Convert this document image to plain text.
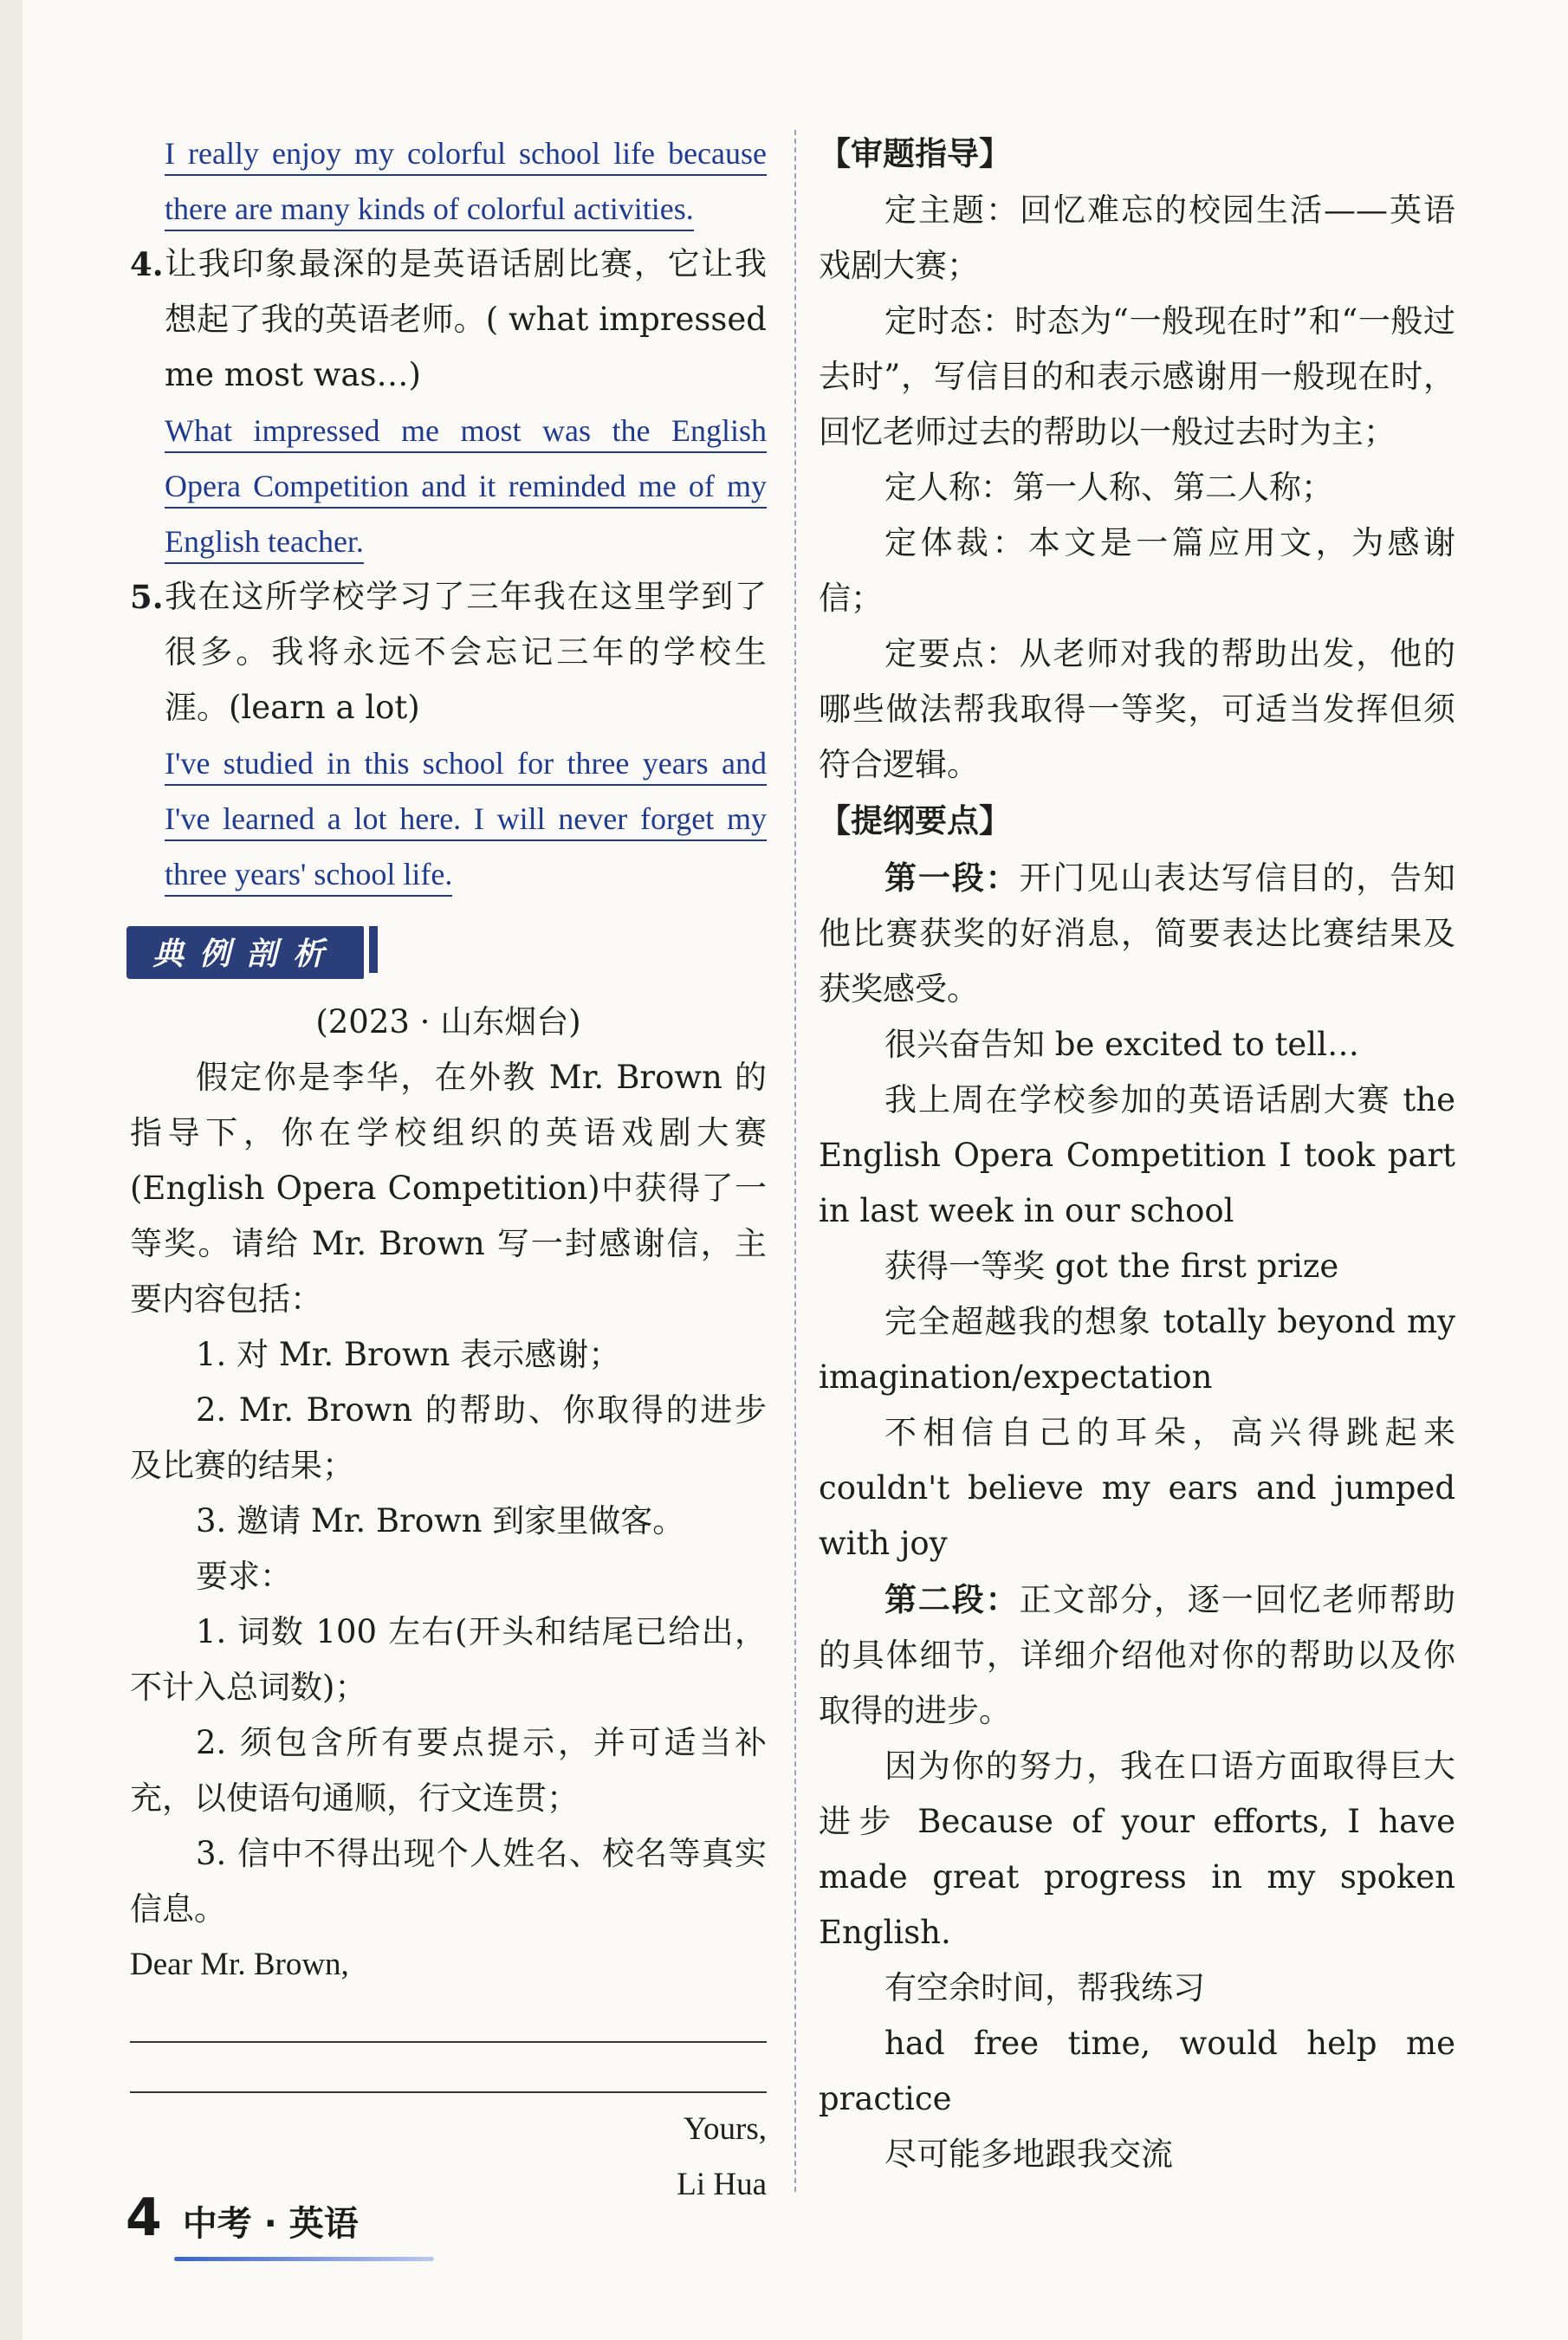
I really enjoy my colorful school life because there are many kinds of colorful activities.

4. 让我印象最深的是英语话剧比赛，它让我想起了我的英语老师。( what impressed me most was…)

What impressed me most was the English Opera Competition and it reminded me of my English teacher.

5. 我在这所学校学习了三年我在这里学到了很多。我将永远不会忘记三年的学校生涯。(learn a lot)

I've studied in this school for three years and I've learned a lot here. I will never forget my three years' school life.

典例剖析

(2023 · 山东烟台)

假定你是李华，在外教 Mr. Brown 的指导下，你在学校组织的英语戏剧大赛(English Opera Competition)中获得了一等奖。请给 Mr. Brown 写一封感谢信，主要内容包括：

1. 对 Mr. Brown 表示感谢；

2. Mr. Brown 的帮助、你取得的进步及比赛的结果；

3. 邀请 Mr. Brown 到家里做客。

要求：

1. 词数 100 左右(开头和结尾已给出，不计入总词数)；

2. 须包含所有要点提示，并可适当补充，以使语句通顺，行文连贯；

3. 信中不得出现个人姓名、校名等真实信息。

Dear Mr. Brown,

Yours,

Li Hua

【审题指导】

定主题：回忆难忘的校园生活——英语戏剧大赛；

定时态：时态为“一般现在时”和“一般过去时”，写信目的和表示感谢用一般现在时，回忆老师过去的帮助以一般过去时为主；

定人称：第一人称、第二人称；

定体裁：本文是一篇应用文，为感谢信；

定要点：从老师对我的帮助出发，他的哪些做法帮我取得一等奖，可适当发挥但须符合逻辑。

【提纲要点】

第一段：开门见山表达写信目的，告知他比赛获奖的好消息，简要表达比赛结果及获奖感受。

很兴奋告知 be excited to tell…

我上周在学校参加的英语话剧大赛 the English Opera Competition I took part in last week in our school

获得一等奖 got the first prize

完全超越我的想象 totally beyond my imagination/expectation

不相信自己的耳朵，高兴得跳起来 couldn't believe my ears and jumped with joy

第二段：正文部分，逐一回忆老师帮助的具体细节，详细介绍他对你的帮助以及你取得的进步。

因为你的努力，我在口语方面取得巨大进步 Because of your efforts, I have made great progress in my spoken English.

有空余时间，帮我练习

had free time, would help me practice

尽可能多地跟我交流

4 中考 · 英语
